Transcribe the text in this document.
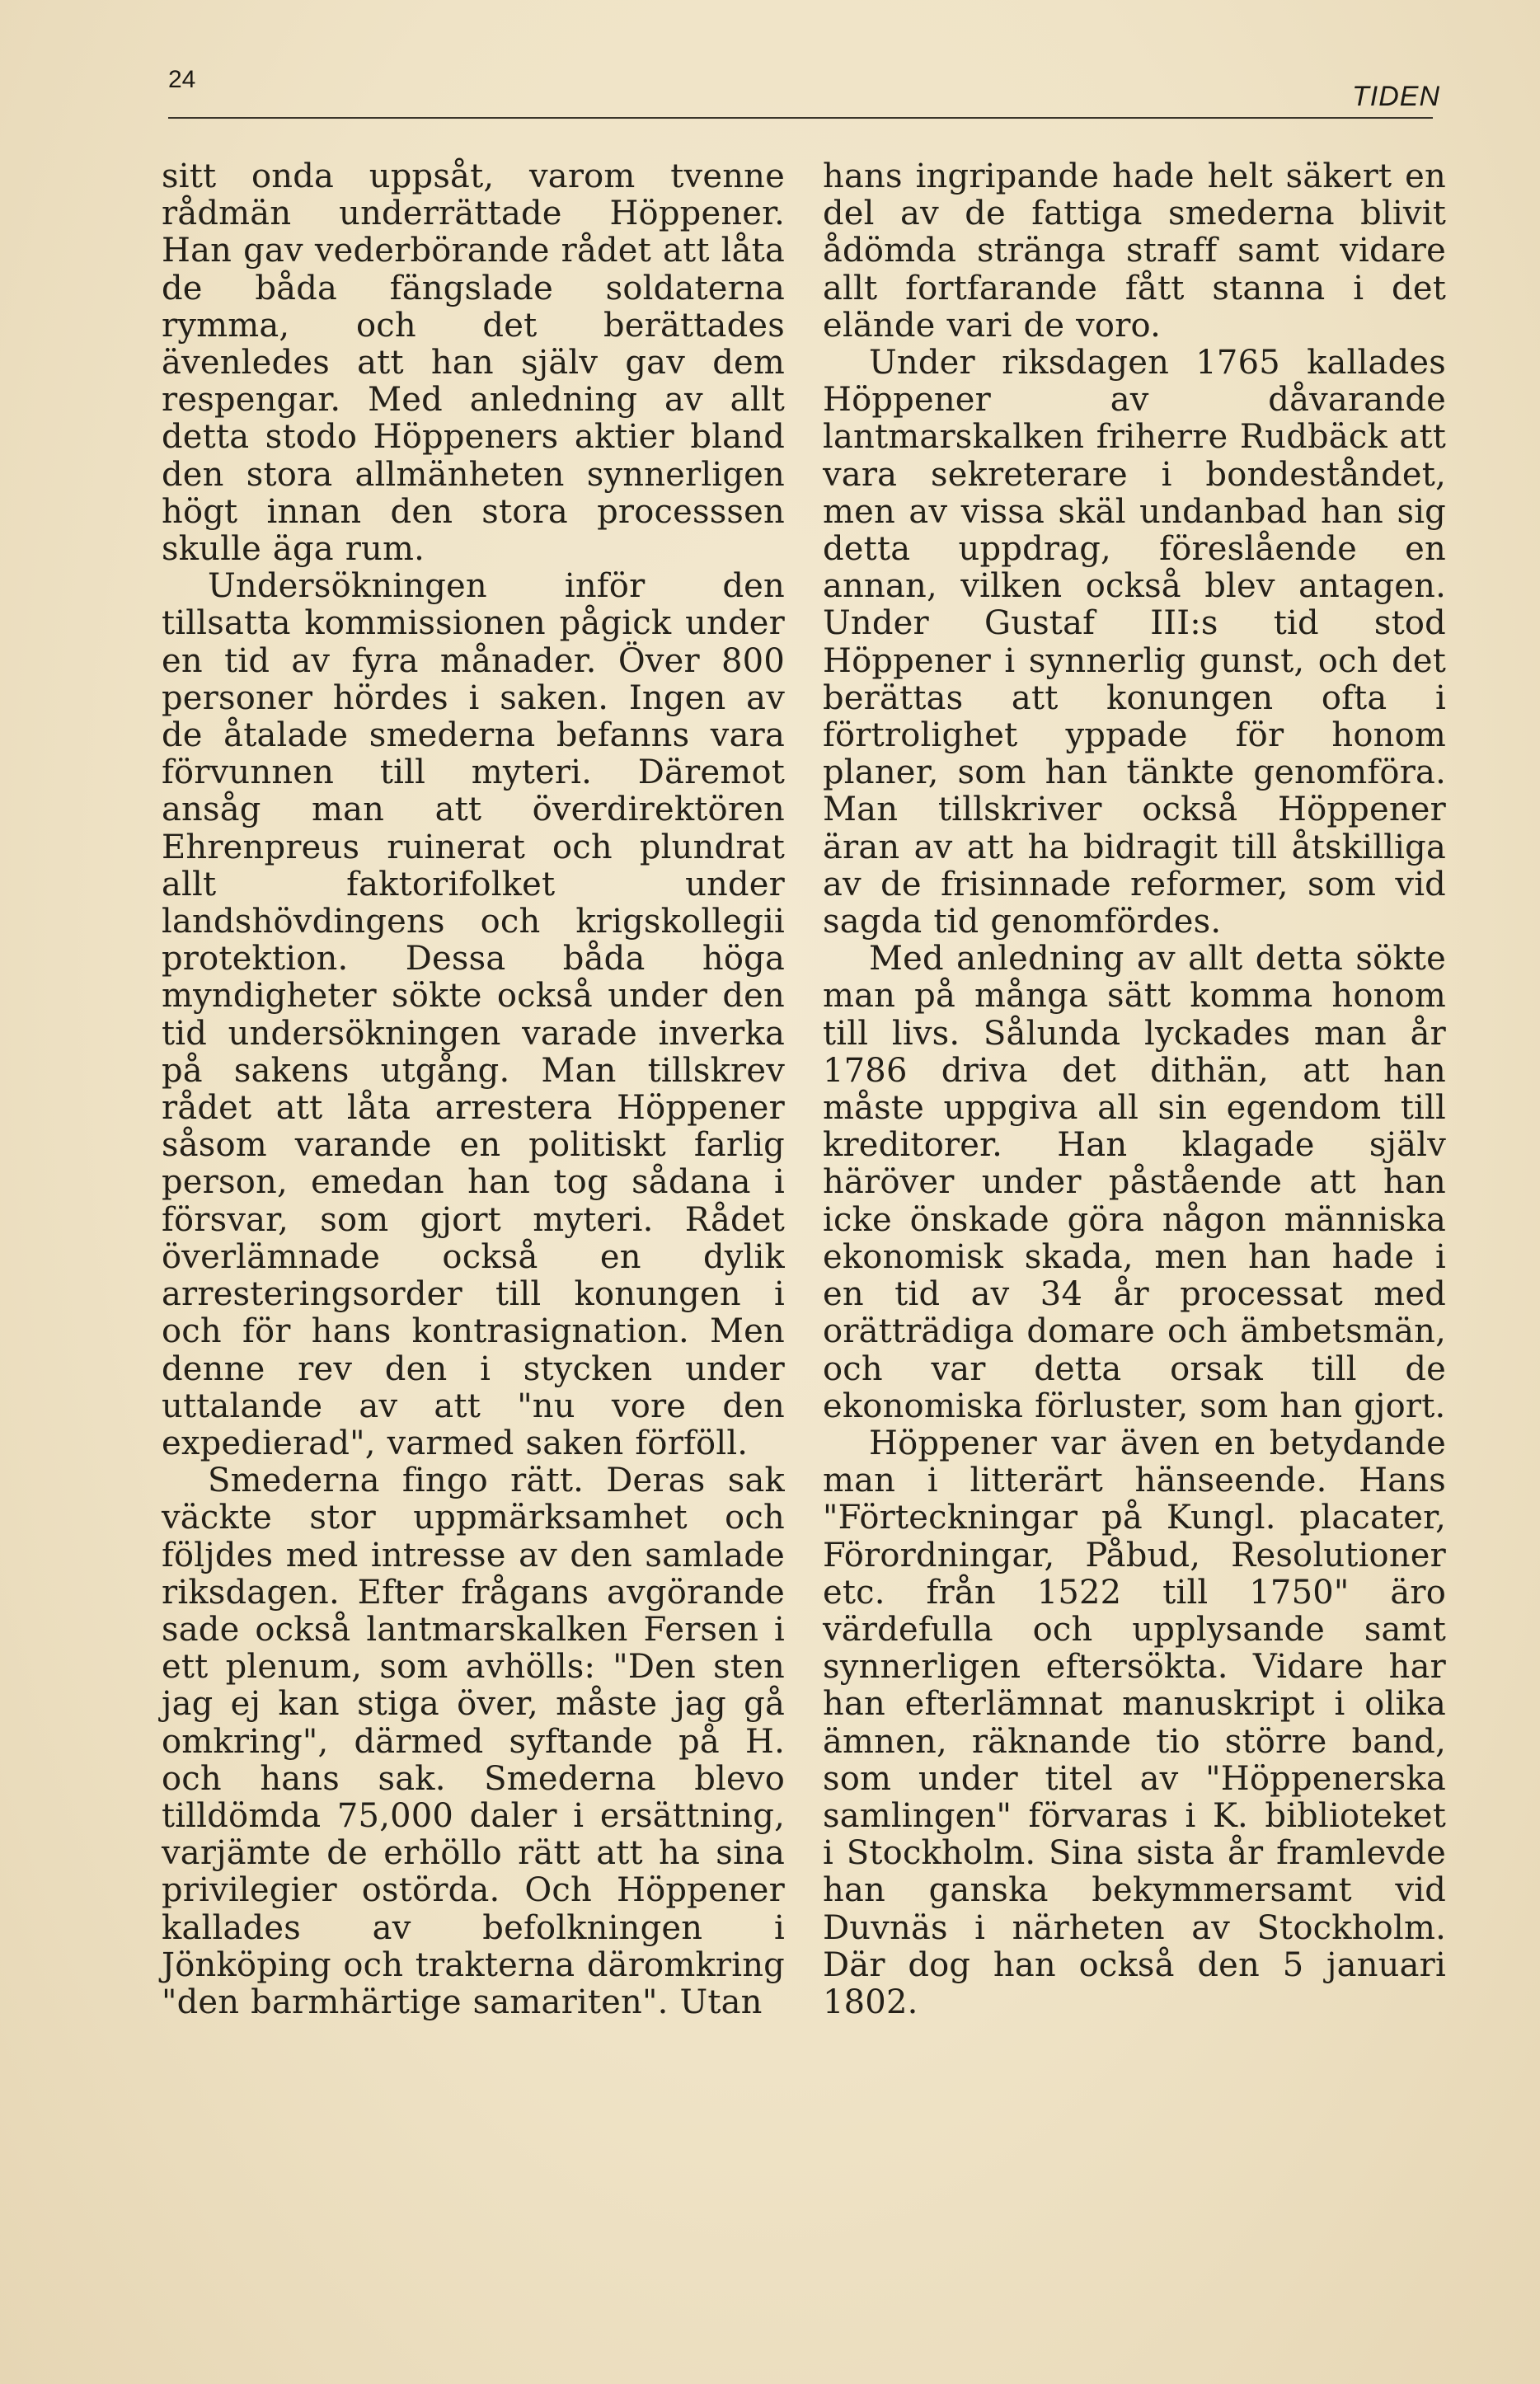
24
TIDEN

sitt onda uppsåt, varom tvenne rådmän underrättade Höppener. Han gav vederbörande rådet att låta de båda fängslade soldaterna rymma, och det berättades ävenledes att han själv gav dem respengar. Med anledning av allt detta stodo Höppeners aktier bland den stora allmänheten synnerligen högt innan den stora processsen skulle äga rum.

Undersökningen inför den tillsatta kommissionen pågick under en tid av fyra månader. Över 800 personer hördes i saken. Ingen av de åtalade smederna befanns vara förvunnen till myteri. Däremot ansåg man att överdirektören Ehrenpreus ruinerat och plundrat allt faktorifolket under landshövdingens och krigskollegii protektion. Dessa båda höga myndigheter sökte också under den tid undersökningen varade inverka på sakens utgång. Man tillskrev rådet att låta arrestera Höppener såsom varande en politiskt farlig person, emedan han tog sådana i försvar, som gjort myteri. Rådet överlämnade också en dylik arresteringsorder till konungen i och för hans kontrasignation. Men denne rev den i stycken under uttalande av att "nu vore den expedierad", varmed saken förföll.

Smederna fingo rätt. Deras sak väckte stor uppmärksamhet och följdes med intresse av den samlade riksdagen. Efter frågans avgörande sade också lantmarskalken Fersen i ett plenum, som avhölls: "Den sten jag ej kan stiga över, måste jag gå omkring", därmed syftande på H. och hans sak. Smederna blevo tilldömda 75,000 daler i ersättning, varjämte de erhöllo rätt att ha sina privilegier ostörda. Och Höppener kallades av befolkningen i Jönköping och trakterna däromkring "den barmhärtige samariten". Utan

hans ingripande hade helt säkert en del av de fattiga smederna blivit ådömda stränga straff samt vidare allt fortfarande fått stanna i det elände vari de voro.

Under riksdagen 1765 kallades Höppener av dåvarande lantmarskalken friherre Rudbäck att vara sekreterare i bondeståndet, men av vissa skäl undanbad han sig detta uppdrag, föreslående en annan, vilken också blev antagen. Under Gustaf III:s tid stod Höppener i synnerlig gunst, och det berättas att konungen ofta i förtrolighet yppade för honom planer, som han tänkte genomföra. Man tillskriver också Höppener äran av att ha bidragit till åtskilliga av de frisinnade reformer, som vid sagda tid genomfördes.

Med anledning av allt detta sökte man på många sätt komma honom till livs. Sålunda lyckades man år 1786 driva det dithän, att han måste uppgiva all sin egendom till kreditorer. Han klagade själv häröver under påstående att han icke önskade göra någon människa ekonomisk skada, men han hade i en tid av 34 år processat med orätträdiga domare och ämbetsmän, och var detta orsak till de ekonomiska förluster, som han gjort.

Höppener var även en betydande man i litterärt hänseende. Hans "Förteckningar på Kungl. placater, Förordningar, Påbud, Resolutioner etc. från 1522 till 1750" äro värdefulla och upplysande samt synnerligen eftersökta. Vidare har han efterlämnat manuskript i olika ämnen, räknande tio större band, som under titel av "Höppenerska samlingen" förvaras i K. biblioteket i Stockholm. Sina sista år framlevde han ganska bekymmersamt vid Duvnäs i närheten av Stockholm. Där dog han också den 5 januari 1802.
